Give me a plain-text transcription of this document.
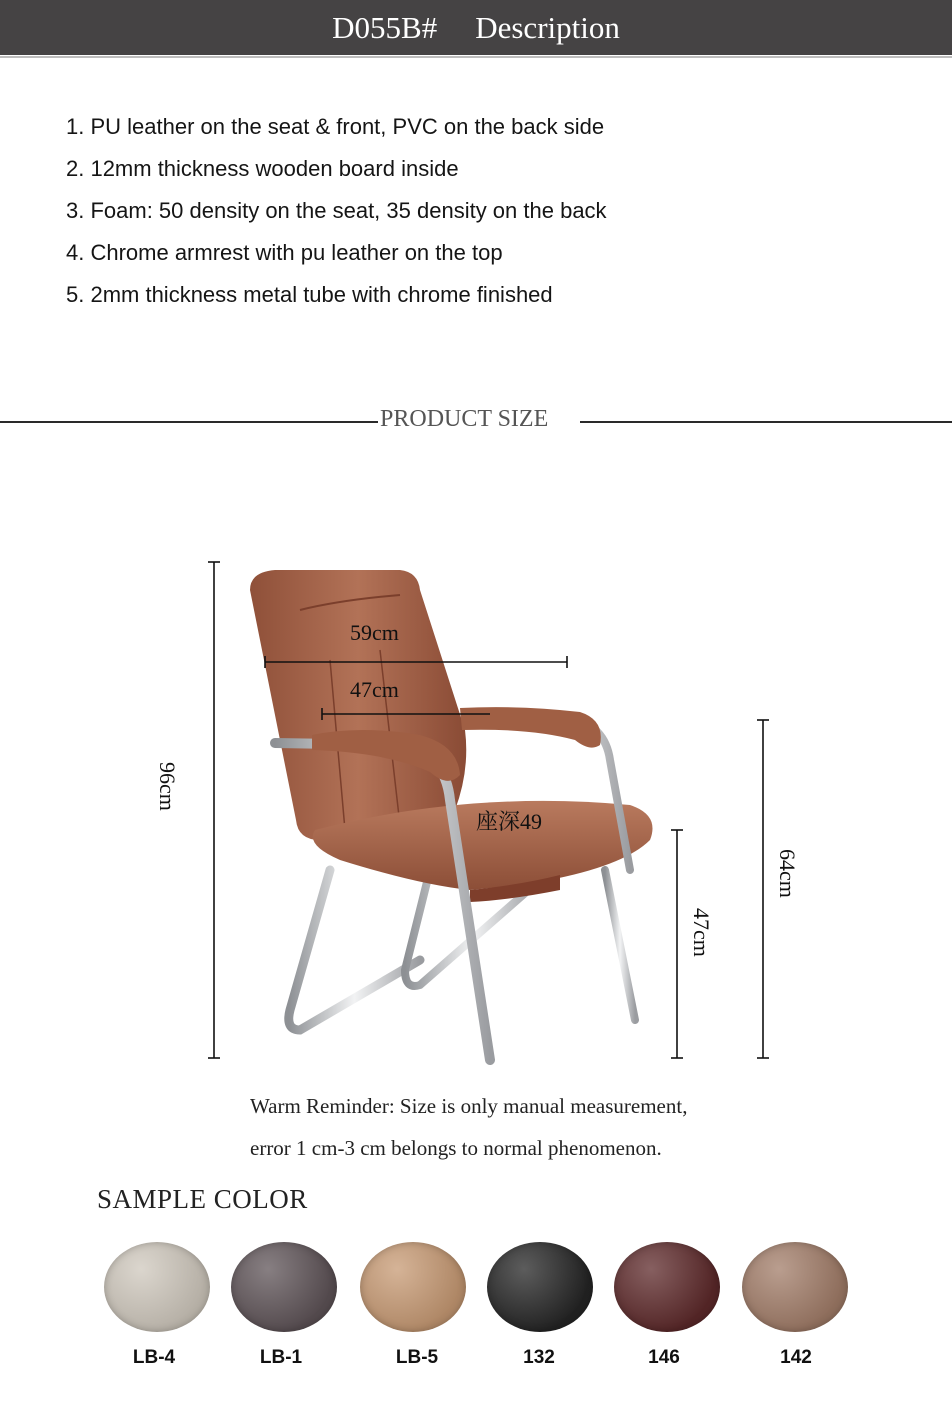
D055B# Description
1. PU leather on the seat & front, PVC on the back side
2. 12mm thickness wooden board inside
3. Foam: 50 density on the seat, 35 density on the back
4. Chrome armrest with pu leather on the top
5. 2mm thickness metal tube with chrome finished
PRODUCT SIZE
59cm
47cm
座深49
96cm
64cm
47cm
Warm Reminder: Size is only manual measurement,
error 1 cm-3 cm belongs to normal phenomenon.
SAMPLE COLOR
LB-4	LB-1	LB-5	132	146	142
